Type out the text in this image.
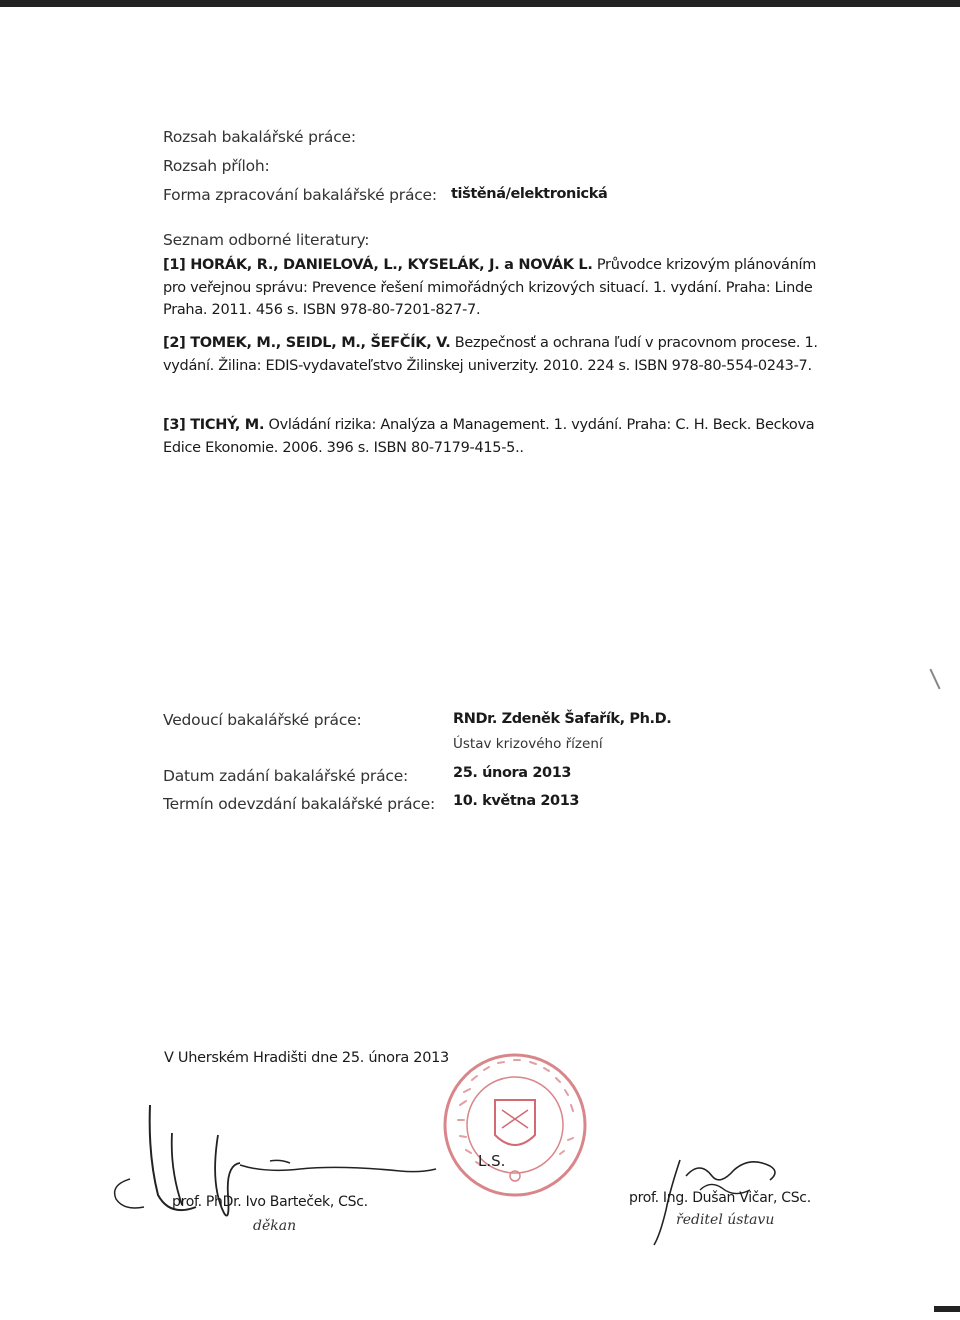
Rozsah bakalářské práce:
Rozsah příloh:
Forma zpracování bakalářské práce: tištěná/elektronická
Seznam odborné literatury:
[1] HORÁK, R., DANIELOVÁ, L., KYSELÁK, J. a NOVÁK L. Průvodce krizovým plánováním pro veřejnou správu: Prevence řešení mimořádných krizových situací. 1. vydání. Praha: Linde Praha. 2011. 456 s. ISBN 978-80-7201-827-7.
[2] TOMEK, M., SEIDL, M., ŠEFČÍK, V. Bezpečnosť a ochrana ľudí v pracovnom procese. 1. vydání. Žilina: EDIS-vydavateľstvo Žilinskej univerzity. 2010. 224 s. ISBN 978-80-554-0243-7.
[3] TICHÝ, M. Ovládání rizika: Analýza a Management. 1. vydání. Praha: C. H. Beck. Beckova Edice Ekonomie. 2006. 396 s. ISBN 80-7179-415-5..
Vedoucí bakalářské práce:	RNDr. Zdeněk Šafařík, Ph.D.
Ústav krizového řízení
Datum zadání bakalářské práce:	25. února 2013
Termín odevzdání bakalářské práce: 10. května 2013
V Uherském Hradišti dne 25. února 2013
L.S.
prof. PhDr. Ivo Barteček, CSc.
děkan
prof. Ing. Dušan Vičar, CSc.
ředitel ústavu
